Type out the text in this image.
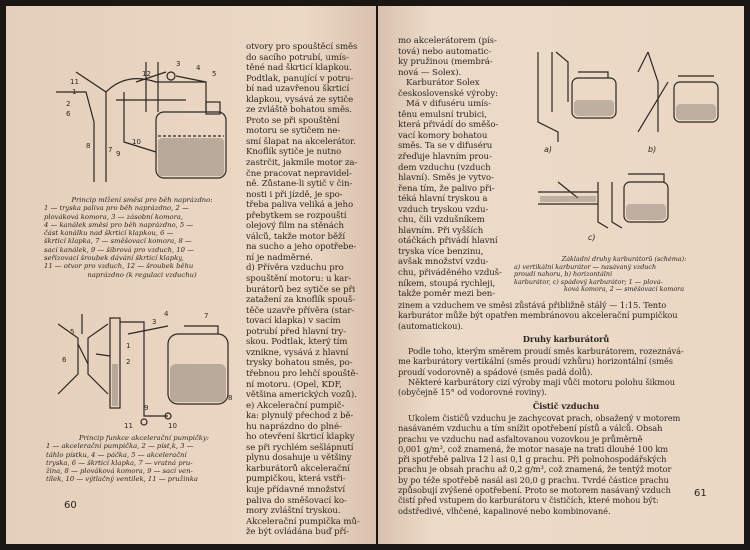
1
2
3 4
5
6
7
8
9
10
11
12
Princip mlžení směsi pro běh naprázdno:
1 — tryska paliva pro běh naprázdno, 2 —
plováková komora, 3 — zásobní komora,
4 — kanálek směsi pro běh naprázdno, 5 —
část kanálku nad škrticí klapkou, 6 —
škrticí klapka, 7 — směšovací komora, 8 —
sací kanálek, 9 — šíbrová pro vzduch, 10 —
seřizovací šroubek dávání škrticí klapky,
11 — otvor pro vzduch, 12 — šroubek běhu
naprázdno (k regulaci vzduchu)
1
2
3
4
5
6
7
8
9
10
11
Princip funkce akcelerační pumpičky:
1 — akcelerační pumpička, 2 — píst,k, 3 —
táhlo pístku, 4 — páčka, 5 — akcelerační
tryska, 6 — škrticí klapka, 7 — vratná pru-
žina, 8 — plováková komora, 9 — sací ven-
tílek, 10 — výtlačný ventilek, 11 — pružinka
otvory pro spouštěcí směs
do sacího potrubí, umís-
těné nad škrticí klapkou.
Podtlak, panující v potru-
bí nad uzavřenou škrticí
klapkou, vysává ze sytiče
ze zvláště bohatou směs.
Proto se při spouštění
motoru se sytičem ne-
smí šlapat na akcelerátor.
Knoflík sytiče je nutno
zastrčit, jakmile motor za-
čne pracovat nepravidel-
ně. Zůstane-li sytič v čin-
nosti i při jízdě, je spo-
třeba paliva veliká a jeho
přebytkem se rozpouští
olejový film na stěnách
válců, takže motor běží
na sucho a jeho opotřebe-
ní je nadměrné.
d) Přívěra vzduchu pro
spouštění motoru: u kar-
burátorů bez sytiče se při
zatažení za knoflík spouš-
těče uzavře přívěra (star-
tovací klapka) v sacím
potrubí před hlavní try-
skou. Podtlak, který tím
vznikne, vysává z hlavní
trysky bohatou směs, po-
třebnou pro lehčí spouště-
ní motoru. (Opel, KDF,
většina amerických vozů).
e) Akcelerační pumpič-
ka: plynulý přechod z bě-
hu naprázdno do plné-
ho otevření škrticí klapky
se při rychlém sešlápnutí
plynu dosahuje u většiny
karburátorů akcelerační
pumpičkou, která vstři-
kuje přídavné množství
paliva do směšovací ko-
mory zvláštní tryskou.
Akcelerační pumpička mů-
že být ovládána buď pří-
60
mo akcelerátorem (pís-
tová) nebo automatic-
ky pružinou (membrá-
nová — Solex).
Karburátor Solex
československé výroby:
Má v difuséru umís-
těnu emulsní trubici,
která přivádí do směšo-
vací komory bohatou
směs. Ta se v difuséru
zřeďuje hlavním prou-
dem vzduchu (vzduch
hlavní). Směs je vytvo-
řena tím, že palivo při-
téká hlavní tryskou a
vzduch tryskou vzdu-
chu, čili vzdušníkem
hlavním. Při vyšších
otáčkách přivádí hlavní
tryska více benzinu,
avšak množství vzdu-
chu, přiváděného vzduš-
níkem, stoupá rychleji,
takže poměr mezi ben-
a)	b)
c)
Základní druhy karburátorů (schéma):
a) vertikální karburátor — nasávaný vzduch
proudí nahoru, b) horizontální
karburátor, c) spádový karburátor; 1 — plová-
ková komora, 2 — směšovací komora
zinem a vzduchem ve směsi zůstává přibližně stálý — 1:15. Tento
karburátor může být opatřen membránovou akcelerační pumpičkou
(automatickou).
Druhy karburátorů
Podle toho, kterým směrem proudí směs karburátorem, rozeznává-
me karburátory vertikální (směs proudí vzhůru) horizontální (směs
proudí vodorovně) a spádové (směs padá dolů).
Některé karburátory cizí výroby mají vůči motoru polohu šikmou
(obyčejně 15° od vodorovné roviny).
Čistič vzduchu
Ukolem čističů vzduchu je zachycovat prach, obsažený v motorem
nasávaném vzduchu a tím snížit opotřebení pístů a válců. Obsah
prachu ve vzduchu nad asfaltovanou vozovkou je průměrně
0,001 g/m³, což znamená, že motor nasaje na trati dlouhé 100 km
při spotřebě paliva 12 l asi 0,1 g prachu. Při polnohospodářských
prachu je obsah prachu až 0,2 g/m³, což znamená, že tentýž motor
by po téže spotřebě nasál asi 20,0 g prachu. Tvrdé částice prachu
způsobují zvýšené opotřebení. Proto se motorem nasávaný vzduch
čistí před vstupem do karburátoru v čističích, které mohou být:
odstředivé, vlhčené, kapalinové nebo kombinované.
61
